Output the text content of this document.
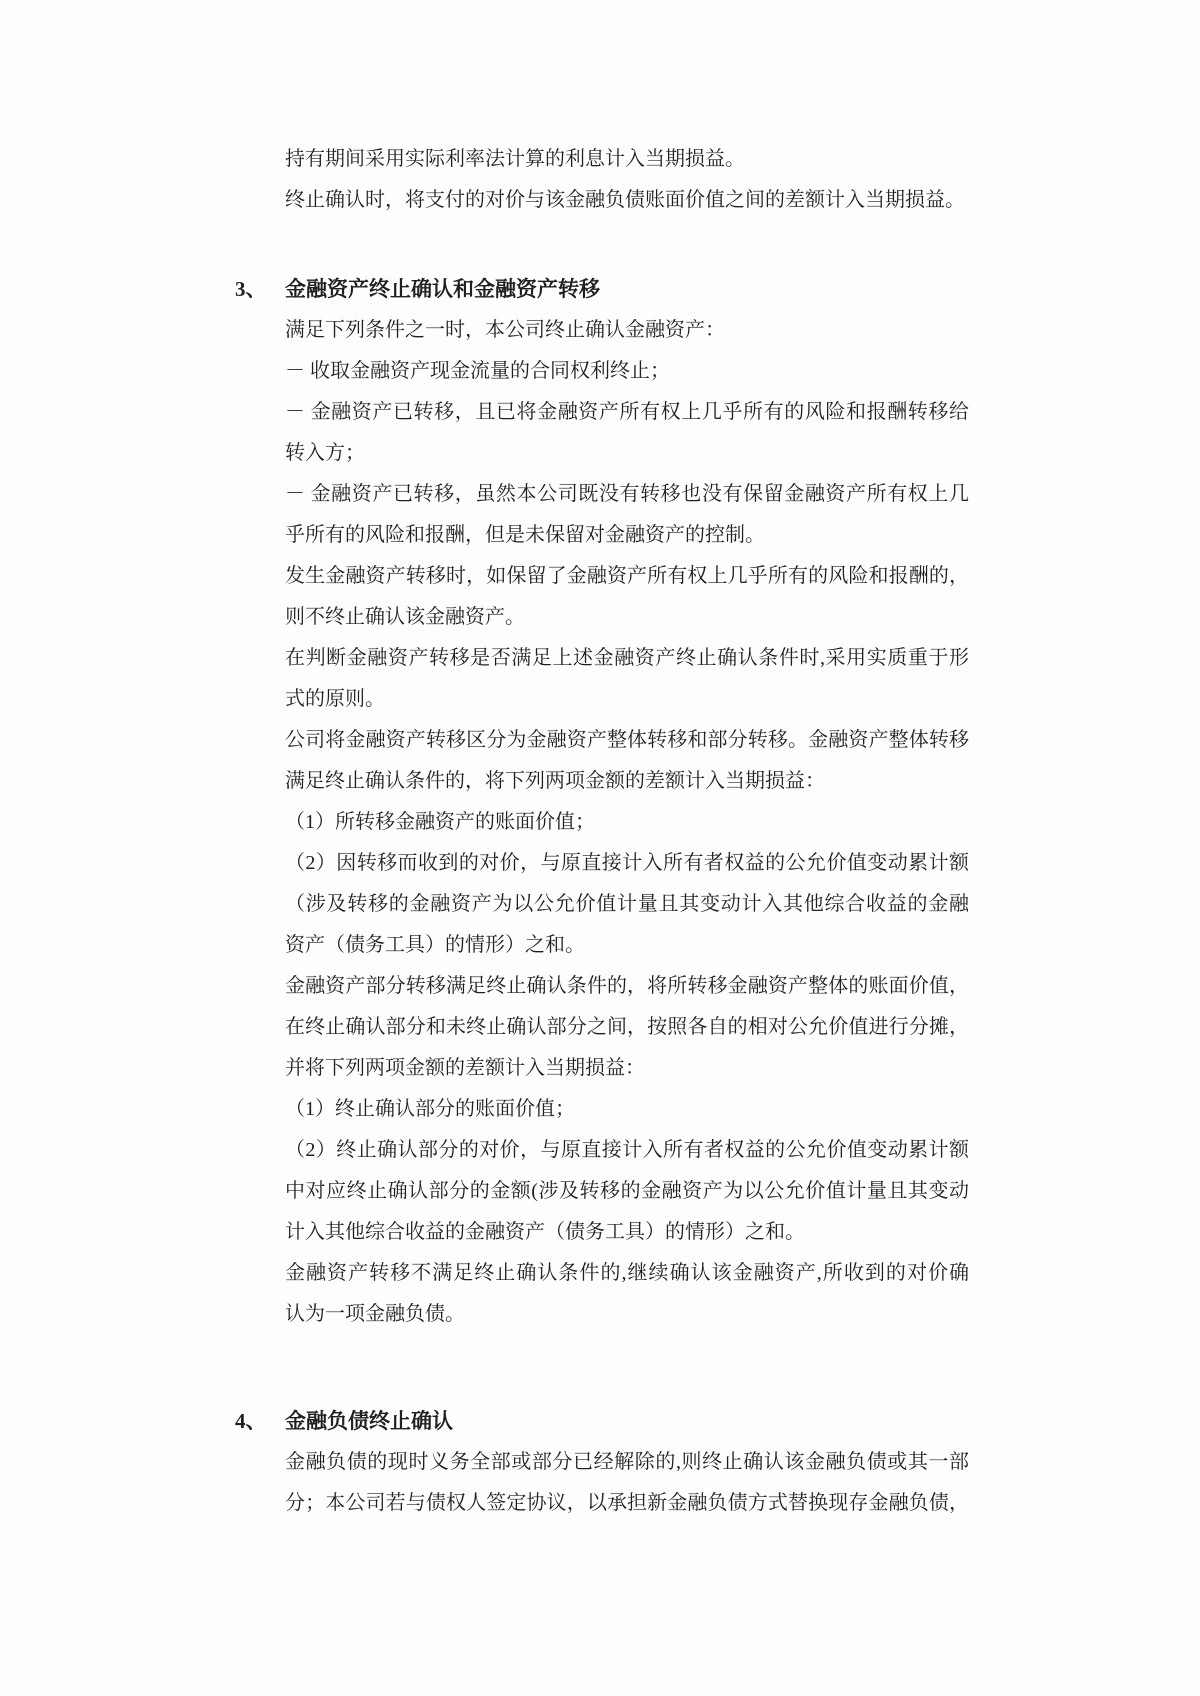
持有期间采用实际利率法计算的利息计入当期损益。
终止确认时，将支付的对价与该金融负债账面价值之间的差额计入当期损益。
3、 金融资产终止确认和金融资产转移
满足下列条件之一时，本公司终止确认金融资产：
－ 收取金融资产现金流量的合同权利终止；
－ 金融资产已转移，且已将金融资产所有权上几乎所有的风险和报酬转移给
转入方；
－ 金融资产已转移，虽然本公司既没有转移也没有保留金融资产所有权上几
乎所有的风险和报酬，但是未保留对金融资产的控制。
发生金融资产转移时，如保留了金融资产所有权上几乎所有的风险和报酬的，
则不终止确认该金融资产。
在判断金融资产转移是否满足上述金融资产终止确认条件时,采用实质重于形
式的原则。
公司将金融资产转移区分为金融资产整体转移和部分转移。金融资产整体转移
满足终止确认条件的，将下列两项金额的差额计入当期损益：
（1）所转移金融资产的账面价值；
（2）因转移而收到的对价，与原直接计入所有者权益的公允价值变动累计额
（涉及转移的金融资产为以公允价值计量且其变动计入其他综合收益的金融
资产（债务工具）的情形）之和。
金融资产部分转移满足终止确认条件的，将所转移金融资产整体的账面价值，
在终止确认部分和未终止确认部分之间，按照各自的相对公允价值进行分摊，
并将下列两项金额的差额计入当期损益：
（1）终止确认部分的账面价值；
（2）终止确认部分的对价，与原直接计入所有者权益的公允价值变动累计额
中对应终止确认部分的金额(涉及转移的金融资产为以公允价值计量且其变动
计入其他综合收益的金融资产（债务工具）的情形）之和。
金融资产转移不满足终止确认条件的,继续确认该金融资产,所收到的对价确
认为一项金融负债。
4、 金融负债终止确认
金融负债的现时义务全部或部分已经解除的,则终止确认该金融负债或其一部
分；本公司若与债权人签定协议，以承担新金融负债方式替换现存金融负债，
